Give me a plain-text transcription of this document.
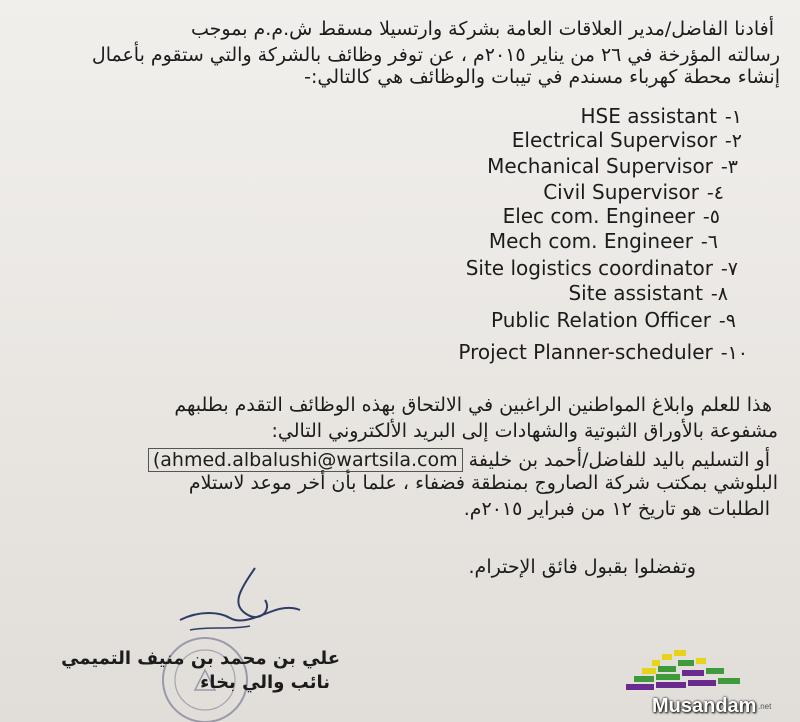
أفادنا الفاضل/مدير العلاقات العامة بشركة وارتسيلا مسقط ش.م.م بموجب
رسالته المؤرخة في ٢٦ من يناير ٢٠١٥م ، عن توفر وظائف بالشركة والتي ستقوم بأعمال
إنشاء محطة كهرباء مسندم في تيبات والوظائف هي كالتالي:-
HSE assistant -١
Electrical Supervisor -٢
Mechanical Supervisor -٣
Civil Supervisor -٤
Elec com. Engineer -٥
Mech com. Engineer -٦
Site logistics coordinator -٧
Site assistant -٨
Public Relation Officer -٩
Project Planner-scheduler -١٠
هذا للعلم وابلاغ المواطنين الراغبين في الالتحاق بهذه الوظائف التقدم بطلبهم
مشفوعة بالأوراق الثبوتية والشهادات إلى البريد الألكتروني التالي:
أو التسليم باليد للفاضل/أحمد بن خليفة (ahmed.albalushi@wartsila.com
البلوشي بمكتب شركة الصاروج بمنطقة فضفاء ، علما بأن أخر موعد لاستلام
الطلبات هو تاريخ ١٢ من فبراير ٢٠١٥م.
وتفضلوا بقبول فائق الإحترام.
علي بن محمد بن منيف التميمي
نائب والي بخاء
Musandam .net
